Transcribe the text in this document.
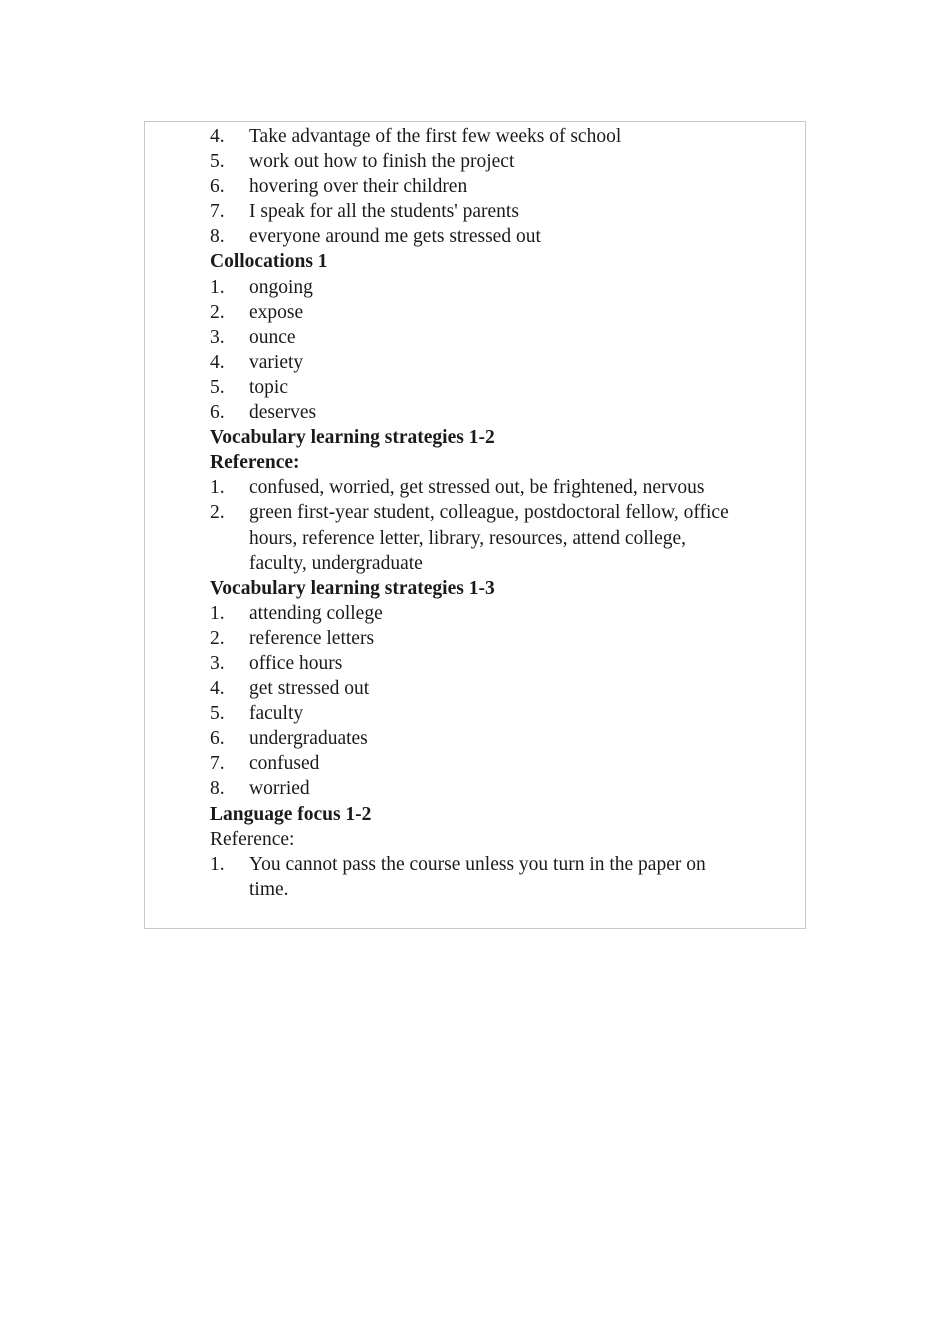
4.	Take advantage of the first few weeks of school
5.	work out how to finish the project
6.	hovering over their children
7.	I speak for all the students' parents
8.	everyone around me gets stressed out

Collocations 1

1.	ongoing
2.	expose
3.	ounce
4.	variety
5.	topic
6.	deserves

Vocabulary learning strategies 1-2

Reference:

1.	confused, worried, get stressed out, be frightened, nervous
2.	green first-year student, colleague, postdoctoral fellow, office hours, reference letter, library, resources, attend college, faculty, undergraduate

Vocabulary learning strategies 1-3

1.	attending college
2.	reference letters
3.	office hours
4.	get stressed out
5.	faculty
6.	undergraduates
7.	confused
8.	worried

Language focus 1-2

Reference:

1.	You cannot pass the course unless you turn in the paper on time.
